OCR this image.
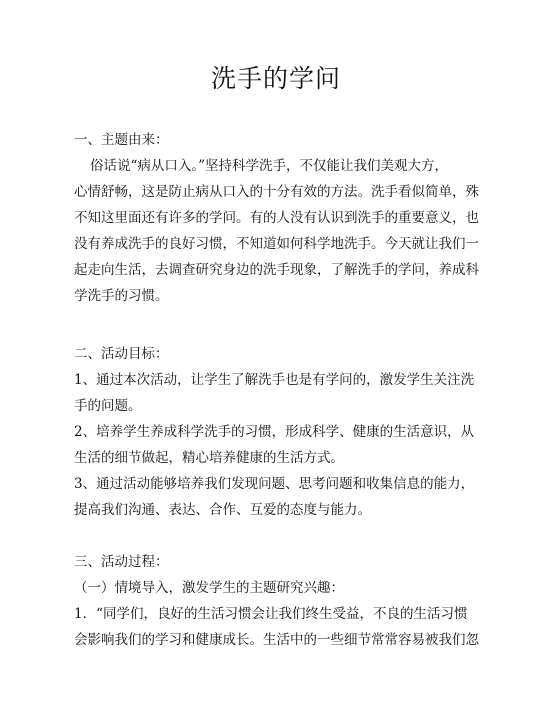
洗手的学问
一、主题由来：
俗话说“病从口入。”坚持科学洗手，不仅能让我们美观大方，
心情舒畅，这是防止病从口入的十分有效的方法。洗手看似简单，殊
不知这里面还有许多的学问。有的人没有认识到洗手的重要意义，也
没有养成洗手的良好习惯，不知道如何科学地洗手。今天就让我们一
起走向生活，去调查研究身边的洗手现象，了解洗手的学问，养成科
学洗手的习惯。
二、活动目标：
1、通过本次活动，让学生了解洗手也是有学问的，激发学生关注洗
手的问题。
2、培养学生养成科学洗手的习惯，形成科学、健康的生活意识，从
生活的细节做起，精心培养健康的生活方式。
3、通过活动能够培养我们发现问题、思考问题和收集信息的能力，
提高我们沟通、表达、合作、互爱的态度与能力。
三、活动过程：
（一）情境导入，激发学生的主题研究兴趣：
1．“同学们，良好的生活习惯会让我们终生受益，不良的生活习惯
会影响我们的学习和健康成长。生活中的一些细节常常容易被我们忽
